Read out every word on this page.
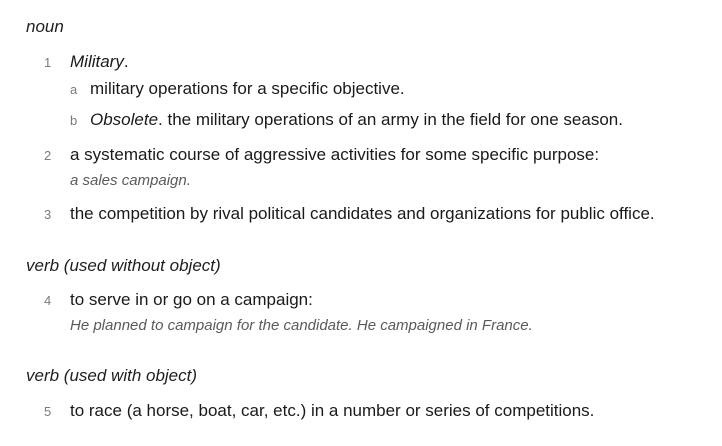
noun
1 Military.
a military operations for a specific objective.
b Obsolete. the military operations of an army in the field for one season.
2 a systematic course of aggressive activities for some specific purpose:
a sales campaign.
3 the competition by rival political candidates and organizations for public office.
verb (used without object)
4 to serve in or go on a campaign:
He planned to campaign for the candidate. He campaigned in France.
verb (used with object)
5 to race (a horse, boat, car, etc.) in a number or series of competitions.
